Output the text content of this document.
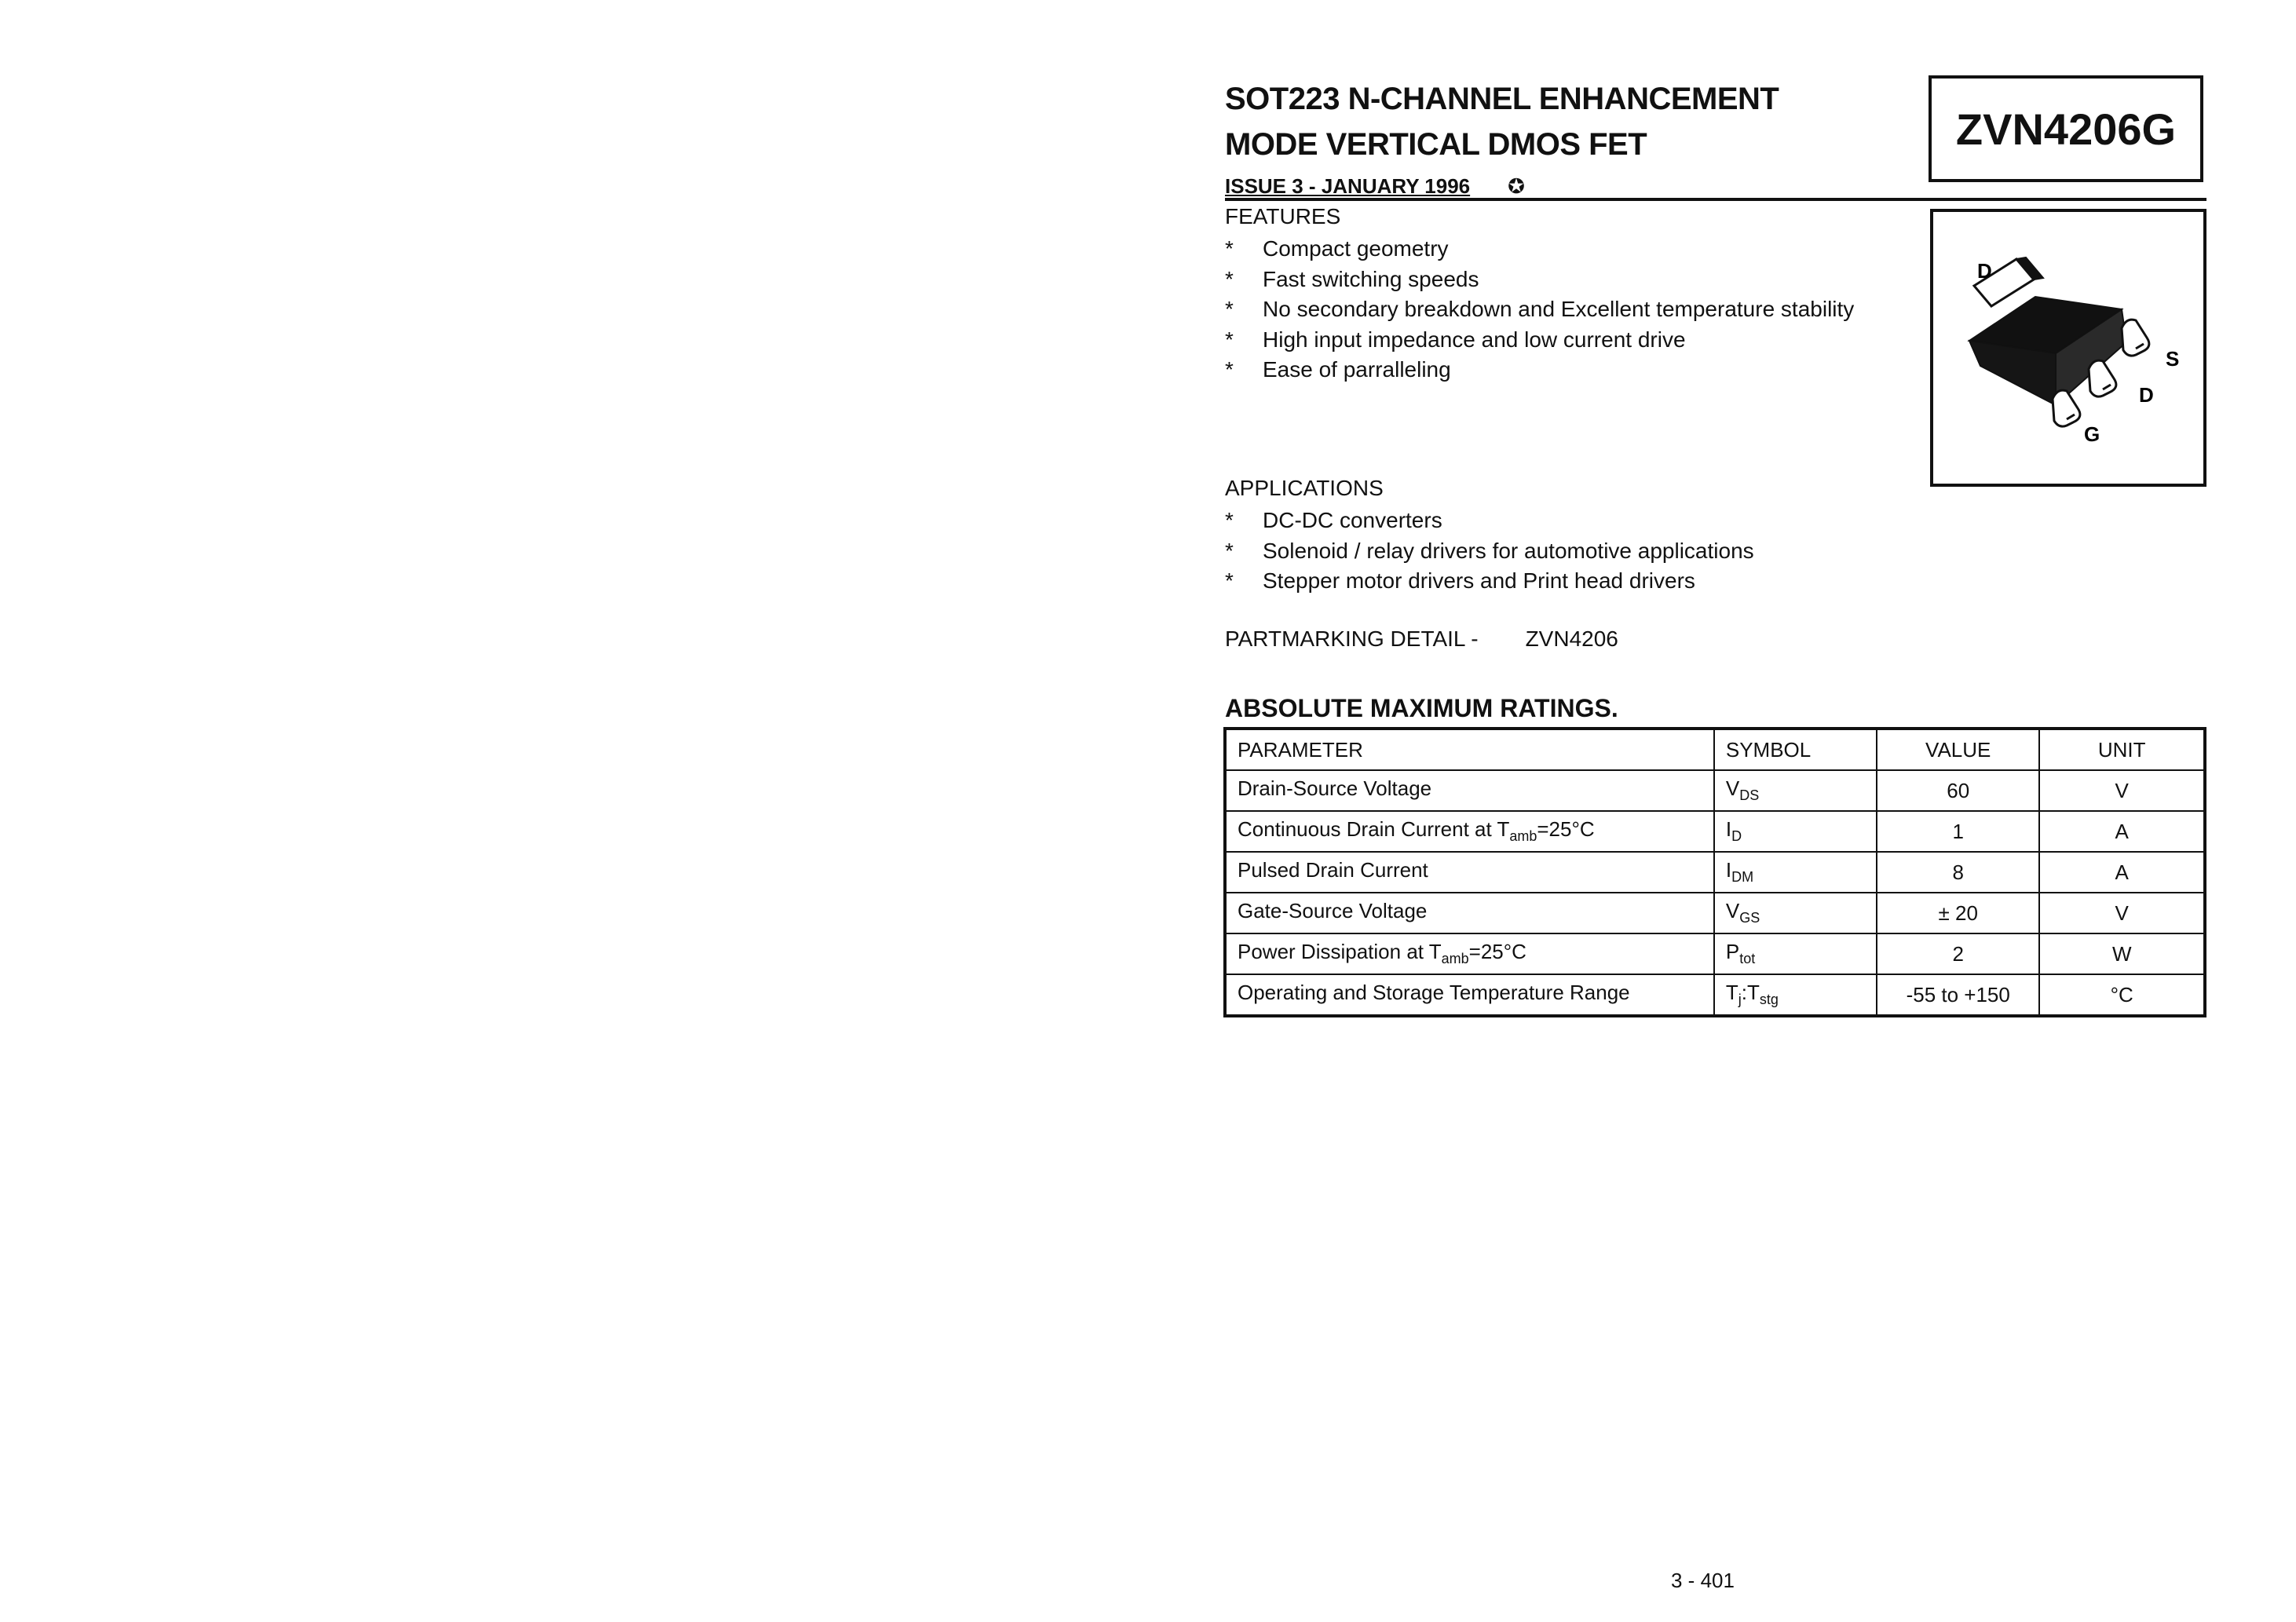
SOT223 N-CHANNEL ENHANCEMENT
MODE VERTICAL DMOS FET
ISSUE 3 - JANUARY 1996 ✪
ZVN4206G
D
S
D
G
FEATURES
* Compact geometry
* Fast switching speeds
* No secondary breakdown and Excellent temperature stability
* High input impedance and low current drive
* Ease of parralleling
APPLICATIONS
* DC-DC converters
* Solenoid / relay drivers for automotive applications
* Stepper motor drivers and Print head drivers
PARTMARKING DETAIL - ZVN4206
ABSOLUTE MAXIMUM RATINGS.
PARAMETER	SYMBOL	VALUE	UNIT
Drain-Source Voltage	$V_{DS}$	60	V
Continuous Drain Current at $T_{amb}=25^\circ C$	$I_D$	1	A
Pulsed Drain Current	$I_{DM}$	8	A
Gate-Source Voltage	$V_{GS}$	± 20	V
Power Dissipation at $T_{amb}=25^\circ C$	$P_{tot}$	2	W
Operating and Storage Temperature Range	$T_j:T_{stg}$	-55 to +150	°C
3 - 401
